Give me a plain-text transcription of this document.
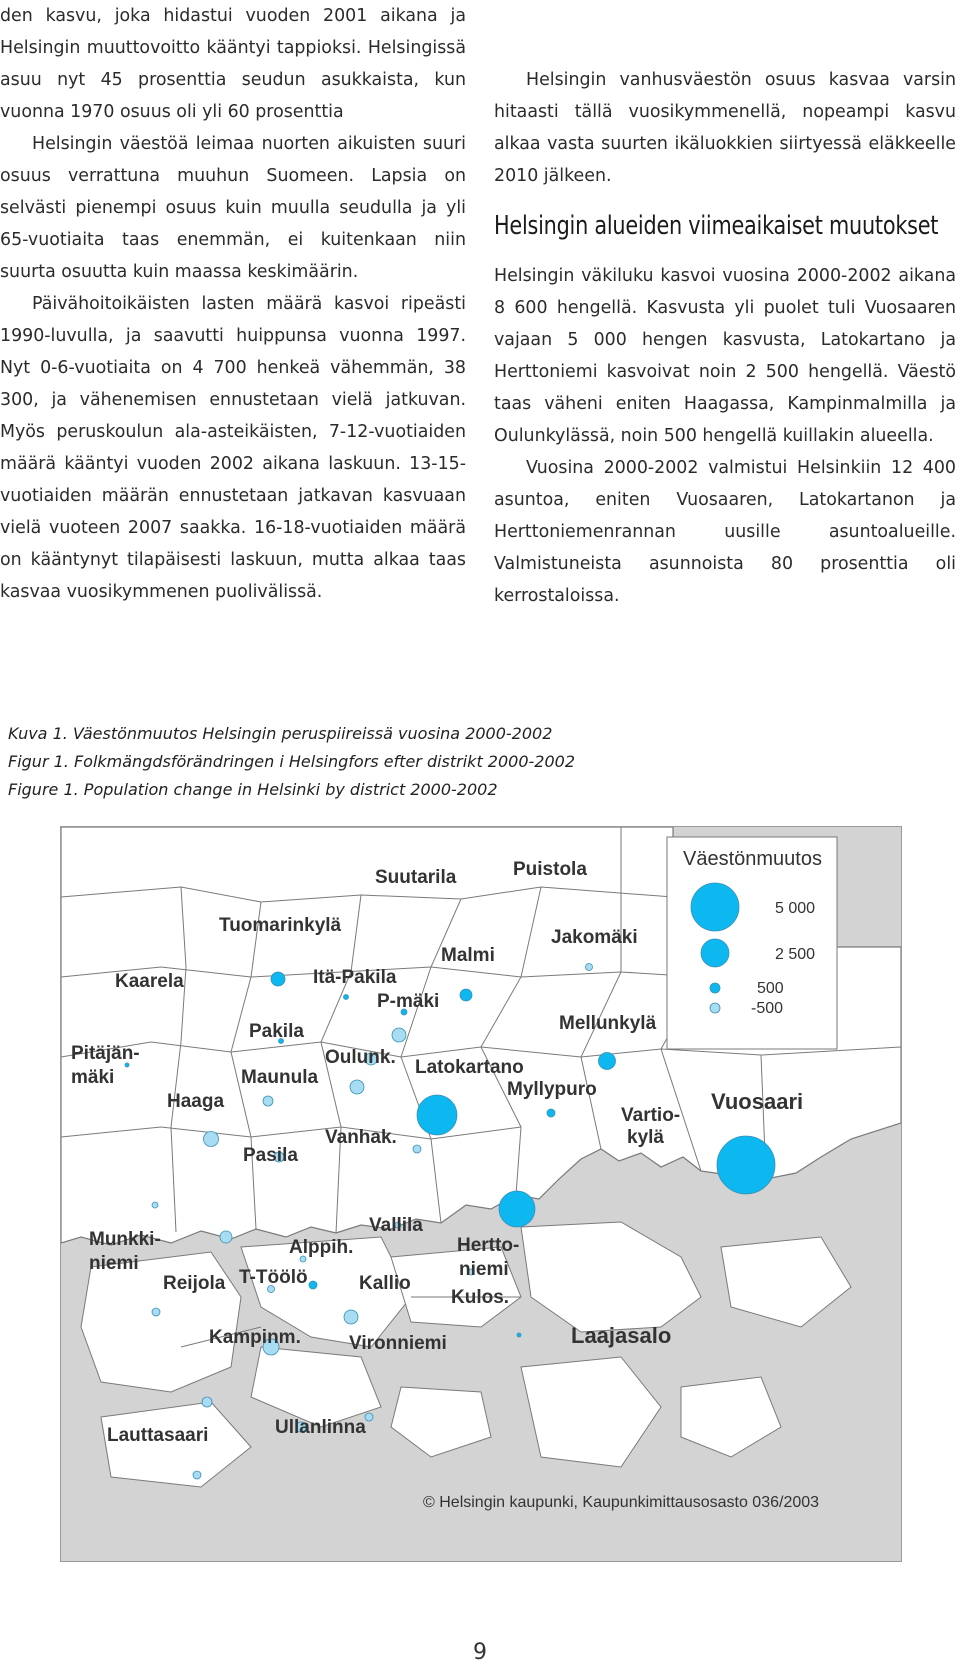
den kasvu, joka hidastui vuoden 2001 aikana ja Helsingin muuttovoitto kääntyi tappioksi. Helsingissä asuu nyt 45 prosenttia seudun asukkaista, kun vuonna 1970 osuus oli yli 60 prosenttia

Helsingin väestöä leimaa nuorten aikuisten suuri osuus verrattuna muuhun Suomeen. Lapsia on selvästi pienempi osuus kuin muulla seudulla ja yli 65-vuotiaita taas enemmän, ei kuitenkaan niin suurta osuutta kuin maassa keskimäärin.

Päivähoitoikäisten lasten määrä kasvoi ripeästi 1990-luvulla, ja saavutti huippunsa vuonna 1997. Nyt 0-6-vuotiaita on 4 700 henkeä vähemmän, 38 300, ja vähenemisen ennustetaan vielä jatkuvan. Myös peruskoulun ala-asteikäisten, 7-12-vuotiaiden määrä kääntyi vuoden 2002 aikana laskuun. 13-15-vuotiaiden määrän ennustetaan jatkavan kasvuaan vielä vuoteen 2007 saakka. 16-18-vuotiaiden määrä on kääntynyt tilapäisesti laskuun, mutta alkaa taas kasvaa vuosikymmenen puolivälissä.

Helsingin vanhusväestön osuus kasvaa varsin hitaasti tällä vuosikymmenellä, nopeampi kasvu alkaa vasta suurten ikäluokkien siirtyessä eläkkeelle 2010 jälkeen.

Helsingin alueiden viimeaikaiset muutokset

Helsingin väkiluku kasvoi vuosina 2000-2002 aikana 8 600 hengellä. Kasvusta yli puolet tuli Vuosaaren vajaan 5 000 hengen kasvusta, Latokartano ja Herttoniemi kasvoivat noin 2 500 hengellä. Väestö taas väheni eniten Haagassa, Kampinmalmilla ja Oulunkylässä, noin 500 hengellä kuillakin alueella.

Vuosina 2000-2002 valmistui Helsinkiin 12 400 asuntoa, eniten Vuosaaren, Latokartanon ja Herttoniemenrannan uusille asuntoalueille. Valmistuneista asunnoista 80 prosenttia oli kerrostaloissa.

Kuva 1. Väestönmuutos Helsingin peruspiireissä vuosina 2000-2002

Figur 1. Folkmängdsförändringen i Helsingfors efter distrikt 2000-2002

Figure 1. Population change in Helsinki by district 2000-2002

Suutarila	Puistola
Tuomarinkylä
Jakomäki
Malmi
Kaarela	Itä-Pakila
P-mäki
Mellunkylä
Pakila
Pitäjän-
mäki
Oulunk. Latokartano
Maunula
Myllypuro
Haaga
Vartio-
kylä
Vuosaari
Vanhak.
Pasila
Vallila
Munkki-
niemi
Alppih.	Hertto-
niemi
Reijola T-Töölö	Kallio
Kulos.
Kampinm.	Vironniemi	Laajasalo
Lauttasaari	Ullanlinna
Väestönmuutos
5 000
2 500
500
-500
© Helsingin kaupunki, Kaupunkimittausosasto 036/2003
9
